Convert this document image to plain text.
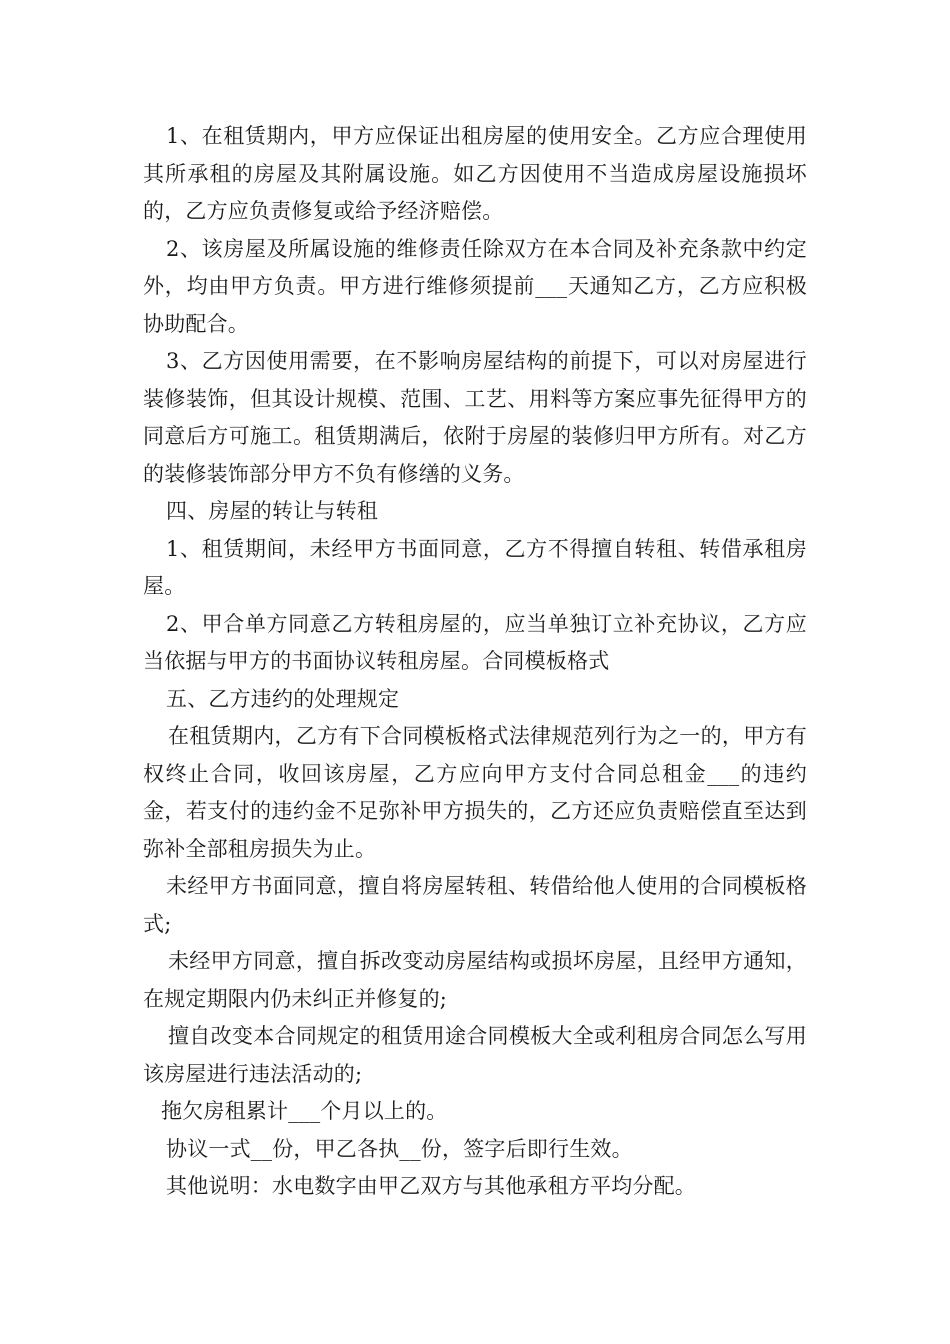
1、在租赁期内，甲方应保证出租房屋的使用安全。乙方应合理使用其所承租的房屋及其附属设施。如乙方因使用不当造成房屋设施损坏的，乙方应负责修复或给予经济赔偿。

2、该房屋及所属设施的维修责任除双方在本合同及补充条款中约定外，均由甲方负责。甲方进行维修须提前___天通知乙方，乙方应积极协助配合。

3、乙方因使用需要，在不影响房屋结构的前提下，可以对房屋进行装修装饰，但其设计规模、范围、工艺、用料等方案应事先征得甲方的同意后方可施工。租赁期满后，依附于房屋的装修归甲方所有。对乙方的装修装饰部分甲方不负有修缮的义务。

四、房屋的转让与转租

1、租赁期间，未经甲方书面同意，乙方不得擅自转租、转借承租房屋。

2、甲合单方同意乙方转租房屋的，应当单独订立补充协议，乙方应当依据与甲方的书面协议转租房屋。合同模板格式

五、乙方违约的处理规定

在租赁期内，乙方有下合同模板格式法律规范列行为之一的，甲方有权终止合同，收回该房屋，乙方应向甲方支付合同总租金___的违约金，若支付的违约金不足弥补甲方损失的，乙方还应负责赔偿直至达到弥补全部租房损失为止。

未经甲方书面同意，擅自将房屋转租、转借给他人使用的合同模板格式;

未经甲方同意，擅自拆改变动房屋结构或损坏房屋，且经甲方通知，在规定期限内仍未纠正并修复的;

擅自改变本合同规定的租赁用途合同模板大全或利租房合同怎么写用该房屋进行违法活动的;

拖欠房租累计___个月以上的。

协议一式__份，甲乙各执__份，签字后即行生效。

其他说明：水电数字由甲乙双方与其他承租方平均分配。
